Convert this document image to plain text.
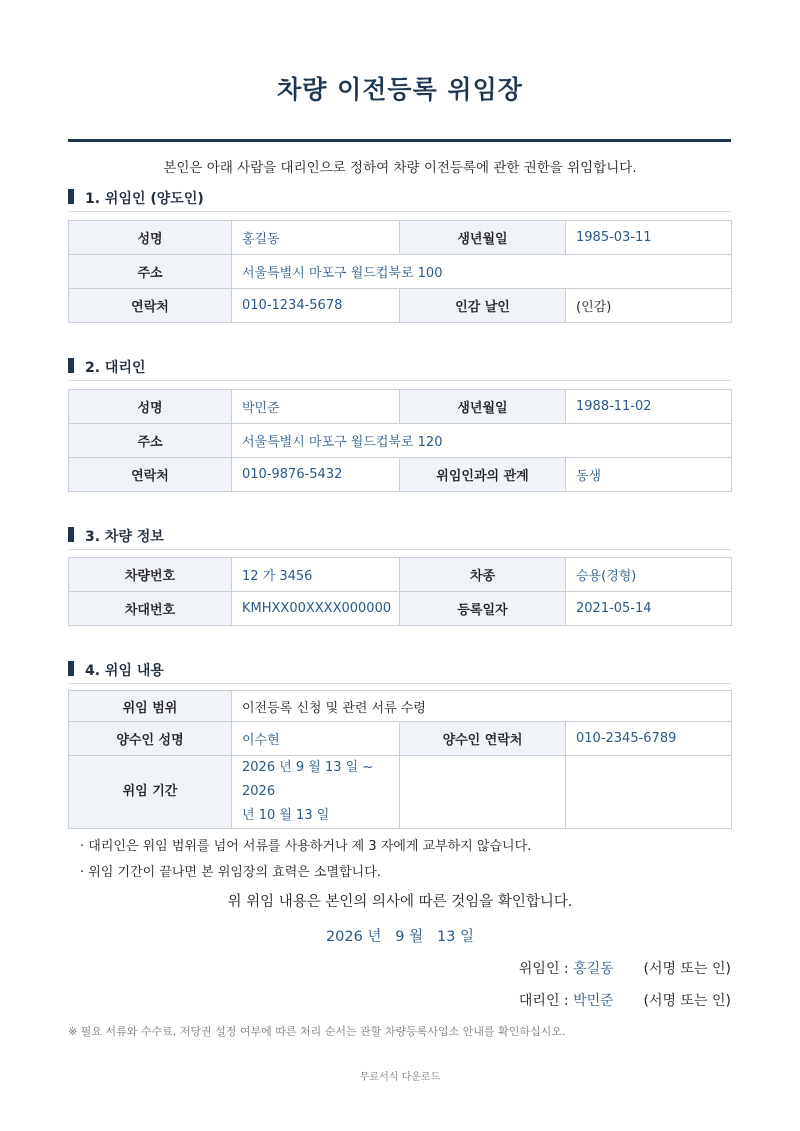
차량 이전등록 위임장
본인은 아래 사람을 대리인으로 정하여 차량 이전등록에 관한 권한을 위임합니다.
1. 위임인 (양도인)
성명	홍길동	생년월일	1985-03-11
주소	서울특별시 마포구 월드컵북로 100		
연락처	010-1234-5678	인감 날인	(인감)
2. 대리인
성명	박민준	생년월일	1988-11-02
주소	서울특별시 마포구 월드컵북로 120		
연락처	010-9876-5432	위임인과의 관계	동생
3. 차량 정보
차량번호	12 가 3456	차종	승용(경형)
차대번호	KMHXX00XXXX000000	등록일자	2021-05-14
4. 위임 내용
위임 범위	이전등록 신청 및 관련 서류 수령		
양수인 성명	이수현	양수인 연락처	010-2345-6789
위임 기간	2026 년 9 월 13 일 ~ 2026
년 10 월 13 일		

· 대리인은 위임 범위를 넘어 서류를 사용하거나 제 3 자에게 교부하지 않습니다.
· 위임 기간이 끝나면 본 위임장의 효력은 소멸합니다.
위 위임 내용은 본인의 의사에 따른 것임을 확인합니다.
2026 년 9 월 13 일
위임인 : 홍길동 (서명 또는 인)
대리인 : 박민준 (서명 또는 인)
※ 필요 서류와 수수료, 저당권 설정 여부에 따른 처리 순서는 관할 차량등록사업소 안내를 확인하십시오.
무료서식 다운로드
